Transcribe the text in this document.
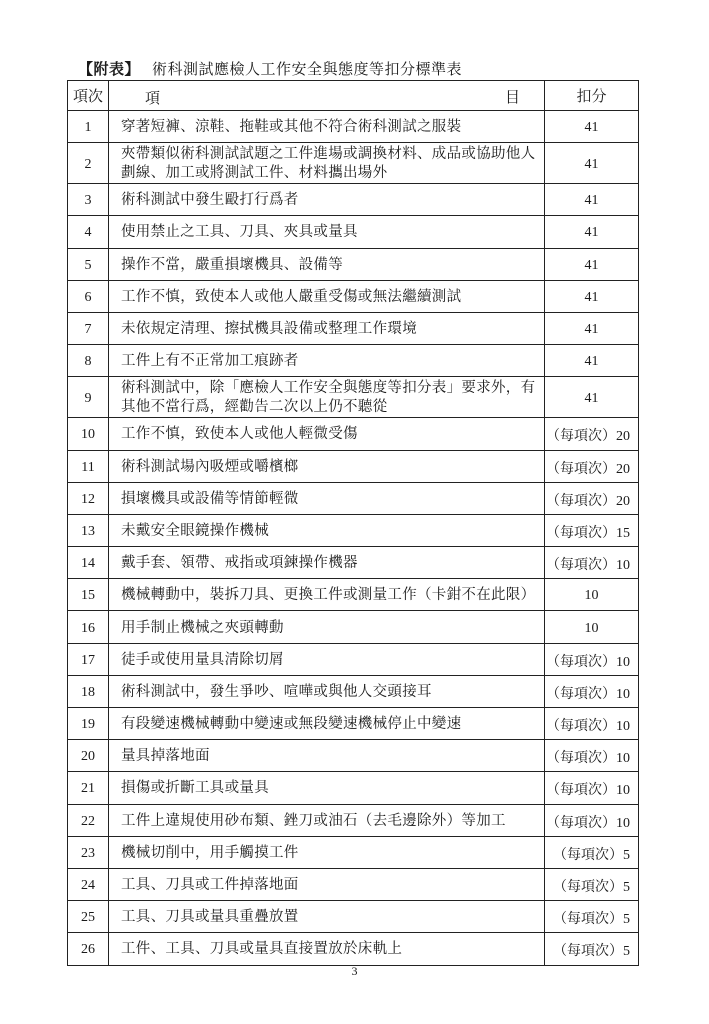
【附表】 術科測試應檢人工作安全與態度等扣分標準表
項次	項 目	扣分
1	穿著短褲、涼鞋、拖鞋或其他不符合術科測試之服裝	41
2	夾帶類似術科測試試題之工件進場或調換材料、成品或協助他人劃線、加工或將測試工件、材料攜出場外	41
3	術科測試中發生毆打行爲者	41
4	使用禁止之工具、刀具、夾具或量具	41
5	操作不當，嚴重損壞機具、設備等	41
6	工作不慎，致使本人或他人嚴重受傷或無法繼續測試	41
7	未依規定清理、擦拭機具設備或整理工作環境	41
8	工件上有不正常加工痕跡者	41
9	術科測試中，除「應檢人工作安全與態度等扣分表」要求外，有其他不當行爲，經勸告二次以上仍不聽從	41
10	工作不慎，致使本人或他人輕微受傷	（每項次）20
11	術科測試場內吸煙或嚼檳榔	（每項次）20
12	損壞機具或設備等情節輕微	（每項次）20
13	未戴安全眼鏡操作機械	（每項次）15
14	戴手套、領帶、戒指或項鍊操作機器	（每項次）10
15	機械轉動中，裝拆刀具、更換工件或測量工作（卡鉗不在此限）	10
16	用手制止機械之夾頭轉動	10
17	徒手或使用量具清除切屑	（每項次）10
18	術科測試中，發生爭吵、喧嘩或與他人交頭接耳	（每項次）10
19	有段變速機械轉動中變速或無段變速機械停止中變速	（每項次）10
20	量具掉落地面	（每項次）10
21	損傷或折斷工具或量具	（每項次）10
22	工件上違規使用砂布類、銼刀或油石（去毛邊除外）等加工	（每項次）10
23	機械切削中，用手觸摸工件	（每項次）5
24	工具、刀具或工件掉落地面	（每項次）5
25	工具、刀具或量具重疊放置	（每項次）5
26	工件、工具、刀具或量具直接置放於床軌上	（每項次）5
3
